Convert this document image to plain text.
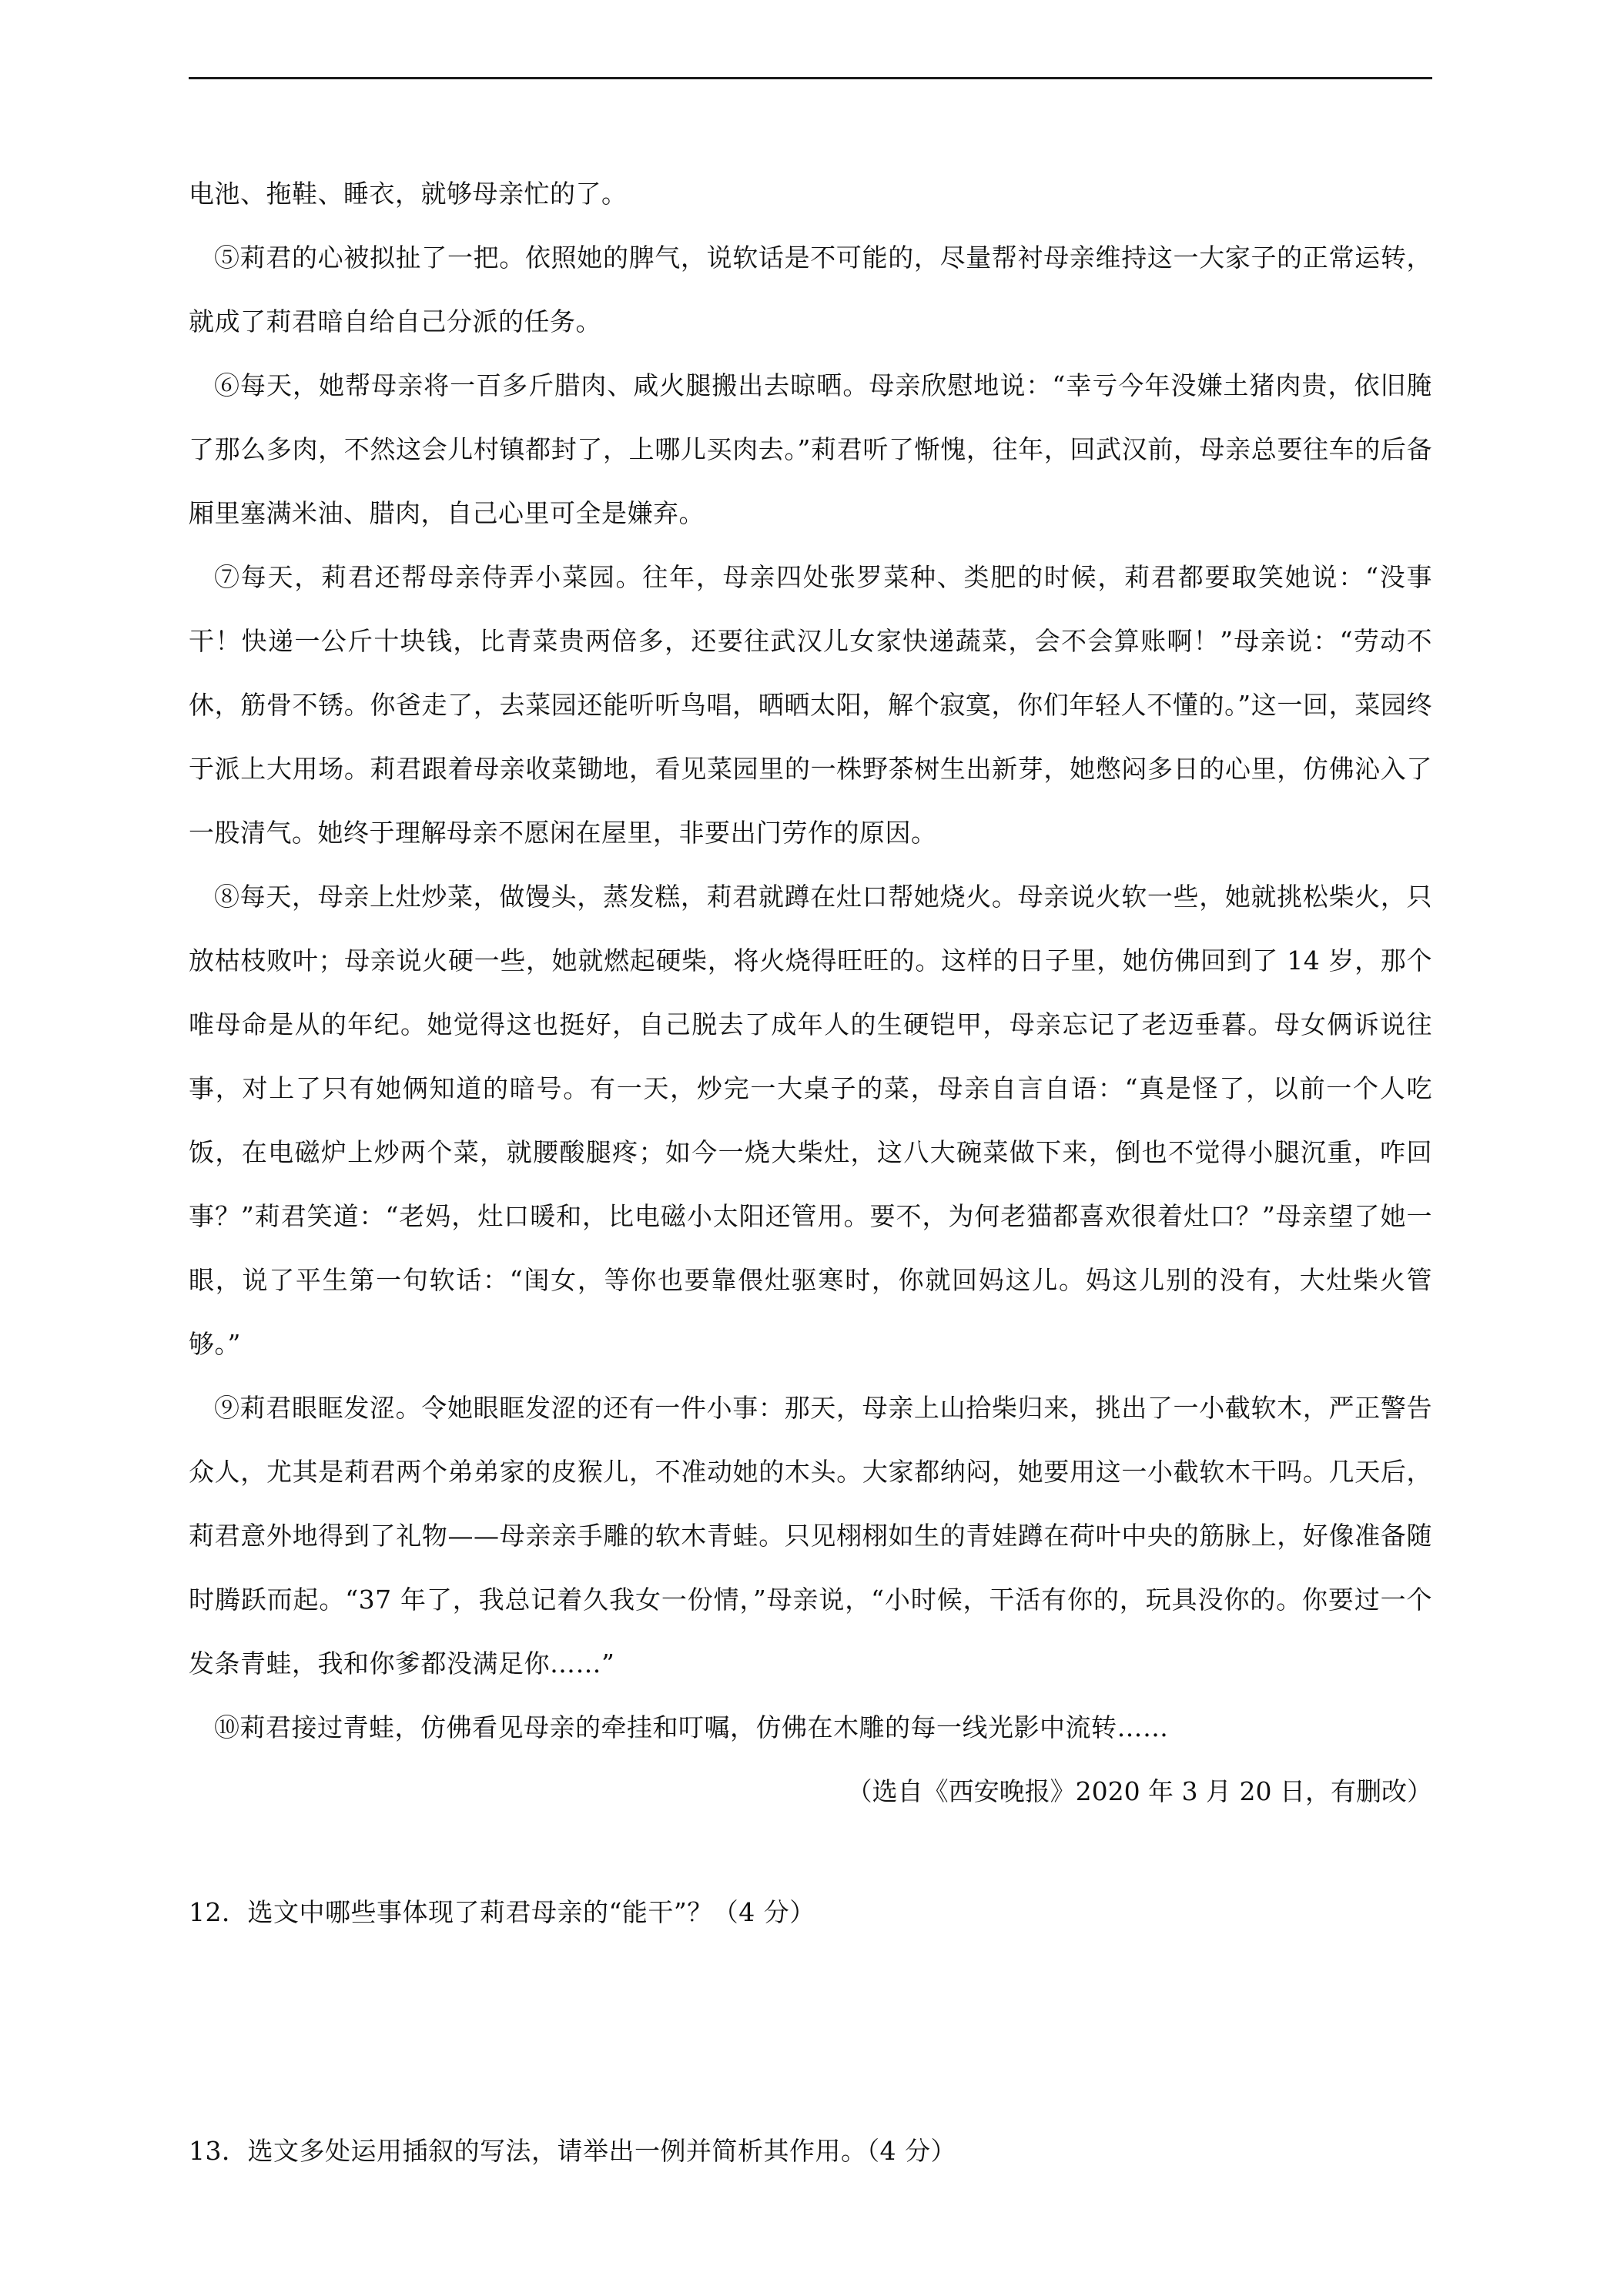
电池、拖鞋、睡衣，就够母亲忙的了。

⑤莉君的心被拟扯了一把。依照她的脾气，说软话是不可能的，尽量帮衬母亲维持这一大家子的正常运转，就成了莉君暗自给自己分派的任务。

⑥每天，她帮母亲将一百多斤腊肉、咸火腿搬出去晾晒。母亲欣慰地说：“幸亏今年没嫌土猪肉贵，依旧腌了那么多肉，不然这会儿村镇都封了，上哪儿买肉去。”莉君听了惭愧，往年，回武汉前，母亲总要往车的后备厢里塞满米油、腊肉，自己心里可全是嫌弃。

⑦每天，莉君还帮母亲侍弄小菜园。往年，母亲四处张罗菜种、类肥的时候，莉君都要取笑她说：“没事干！快递一公斤十块钱，比青菜贵两倍多，还要往武汉儿女家快递蔬菜，会不会算账啊！”母亲说：“劳动不休，筋骨不锈。你爸走了，去菜园还能听听鸟唱，晒晒太阳，解个寂寞，你们年轻人不懂的。”这一回，菜园终于派上大用场。莉君跟着母亲收菜锄地，看见菜园里的一株野茶树生出新芽，她憋闷多日的心里，仿佛沁入了一股清气。她终于理解母亲不愿闲在屋里，非要出门劳作的原因。

⑧每天，母亲上灶炒菜，做馒头，蒸发糕，莉君就蹲在灶口帮她烧火。母亲说火软一些，她就挑松柴火，只放枯枝败叶；母亲说火硬一些，她就燃起硬柴，将火烧得旺旺的。这样的日子里，她仿佛回到了 14 岁，那个唯母命是从的年纪。她觉得这也挺好，自己脱去了成年人的生硬铠甲，母亲忘记了老迈垂暮。母女俩诉说往事，对上了只有她俩知道的暗号。有一天，炒完一大桌子的菜，母亲自言自语：“真是怪了，以前一个人吃饭，在电磁炉上炒两个菜，就腰酸腿疼；如今一烧大柴灶，这八大碗菜做下来，倒也不觉得小腿沉重，咋回事？”莉君笑道：“老妈，灶口暖和，比电磁小太阳还管用。要不，为何老猫都喜欢很着灶口？”母亲望了她一眼，说了平生第一句软话：“闺女，等你也要靠偎灶驱寒时，你就回妈这儿。妈这儿别的没有，大灶柴火管够。”

⑨莉君眼眶发涩。令她眼眶发涩的还有一件小事：那天，母亲上山拾柴归来，挑出了一小截软木，严正警告众人，尤其是莉君两个弟弟家的皮猴儿，不准动她的木头。大家都纳闷，她要用这一小截软木干吗。几天后，莉君意外地得到了礼物——母亲亲手雕的软木青蛙。只见栩栩如生的青娃蹲在荷叶中央的筋脉上，好像准备随时腾跃而起。“37 年了，我总记着久我女一份情，”母亲说，“小时候，干活有你的，玩具没你的。你要过一个发条青蛙，我和你爹都没满足你……”

⑩莉君接过青蛙，仿佛看见母亲的牵挂和叮嘱，仿佛在木雕的每一线光影中流转……

（选自《西安晚报》2020 年 3 月 20 日，有删改）

12．选文中哪些事体现了莉君母亲的“能干”？（4 分）

13．选文多处运用插叙的写法，请举出一例并简析其作用。（4 分）
